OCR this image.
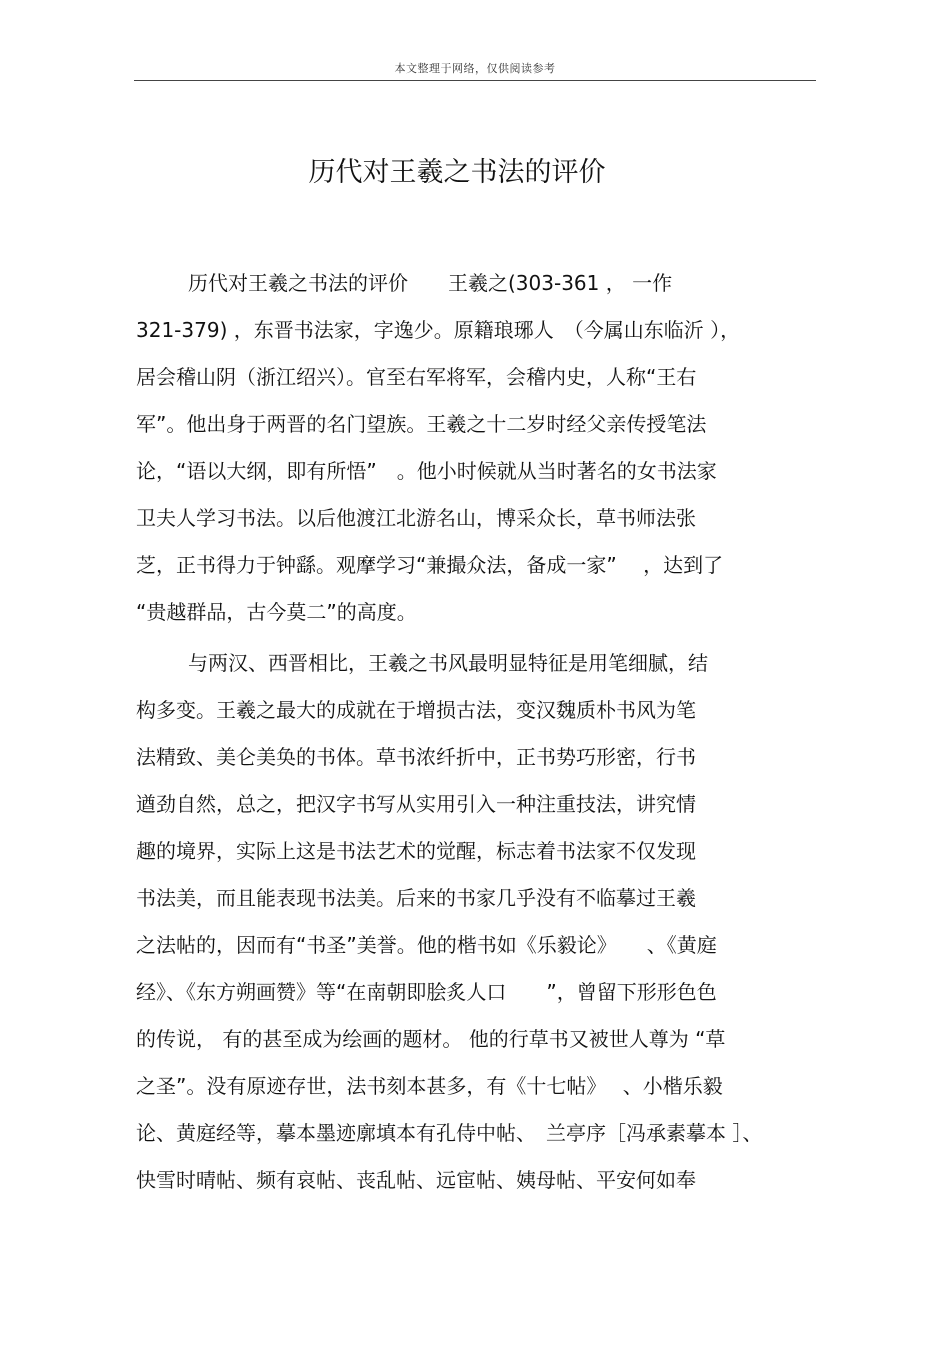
本文整理于网络，仅供阅读参考
历代对王羲之书法的评价
历代对王羲之书法的评价　　王羲之(303-361 ， 一作
321-379) ，东晋书法家，字逸少。原籍琅琊人　（今属山东临沂 ），
居会稽山阴（浙江绍兴）。官至右军将军，会稽内史，人称“王右
军”。他出身于两晋的名门望族。王羲之十二岁时经父亲传授笔法
论，“语以大纲，即有所悟”　。他小时候就从当时著名的女书法家
卫夫人学习书法。以后他渡江北游名山，博采众长，草书师法张
芝，正书得力于钟繇。观摩学习“兼撮众法，备成一家”　 ，达到了
“贵越群品，古今莫二”的高度。
与两汉、西晋相比，王羲之书风最明显特征是用笔细腻，结
构多变。王羲之最大的成就在于增损古法，变汉魏质朴书风为笔
法精致、美仑美奂的书体。草书浓纤折中，正书势巧形密，行书
遒劲自然，总之，把汉字书写从实用引入一种注重技法，讲究情
趣的境界，实际上这是书法艺术的觉醒，标志着书法家不仅发现
书法美，而且能表现书法美。后来的书家几乎没有不临摹过王羲
之法帖的，因而有“书圣”美誉。他的楷书如《乐毅论》　　、《黄庭
经》、《东方朔画赞》等“在南朝即脍炙人口　　”，曾留下形形色色
的传说， 有的甚至成为绘画的题材。 他的行草书又被世人尊为 “草
之圣”。没有原迹存世，法书刻本甚多，有《十七帖》　 、小楷乐毅
论、黄庭经等，摹本墨迹廓填本有孔侍中帖、　兰亭序［冯承素摹本 ］、
快雪时晴帖、频有哀帖、丧乱帖、远宦帖、姨母帖、平安何如奉
